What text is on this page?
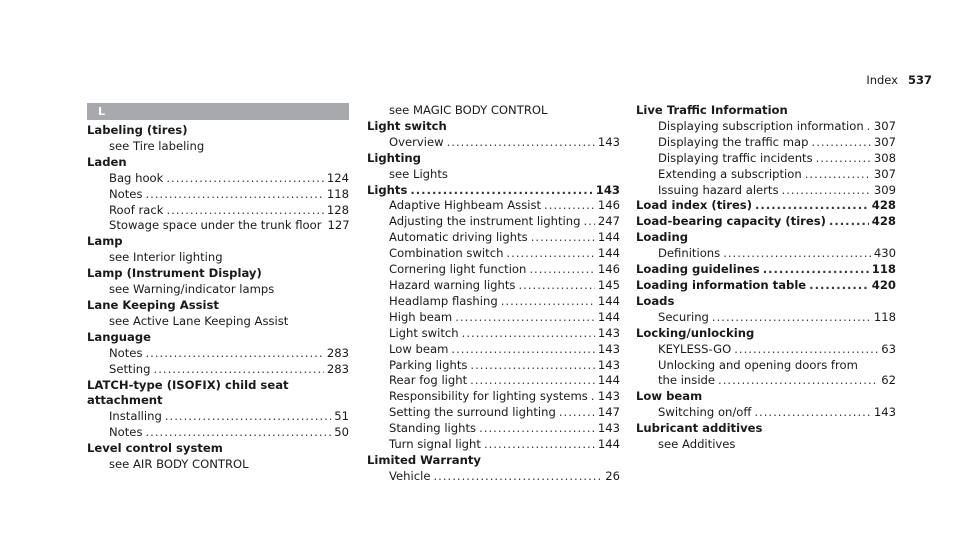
Index 537
L
Labeling (tires)
see Tire labeling
Laden
Bag hook .....	124
Notes .....	118
Roof rack .....	128
Stowage space under the trunk floor 127
Lamp
see Interior lighting
Lamp (Instrument Display)
see Warning/indicator lamps
Lane Keeping Assist
see Active Lane Keeping Assist
Language
Notes .....	283
Setting .....	283
LATCH-type (ISOFIX) child seat
attachment
Installing .....	51
Notes .....	50
Level control system
see AIR BODY CONTROL
see MAGIC BODY CONTROL
Light switch
Overview .....	143
Lighting
see Lights
Lights .....	143
Adaptive Highbeam Assist .....	146
Adjusting the instrument lighting ..... 247
Automatic driving lights .....	144
Combination switch .....	144
Cornering light function .....	146
Hazard warning lights .....	145
Headlamp flashing .....	144
High beam .....	144
Light switch .....	143
Low beam .....	143
Parking lights .....	143
Rear fog light .....	144
Responsibility for lighting systems ..... 143
Setting the surround lighting .....	147
Standing lights .....	143
Turn signal light .....	144
Limited Warranty
Vehicle .....	26
Live Traffic Information
Displaying subscription information ..... 307
Displaying the traffic map .....	307
Displaying traffic incidents .....	308
Extending a subscription .....	307
Issuing hazard alerts .....	309
Load index (tires) .....	428
Load-bearing capacity (tires) .....	428
Loading
Definitions .....	430
Loading guidelines .....	118
Loading information table .....	420
Loads
Securing .....	118
Locking/unlocking
KEYLESS-GO .....	63
Unlocking and opening doors from
the inside .....	62
Low beam
Switching on/off .....	143
Lubricant additives
see Additives
